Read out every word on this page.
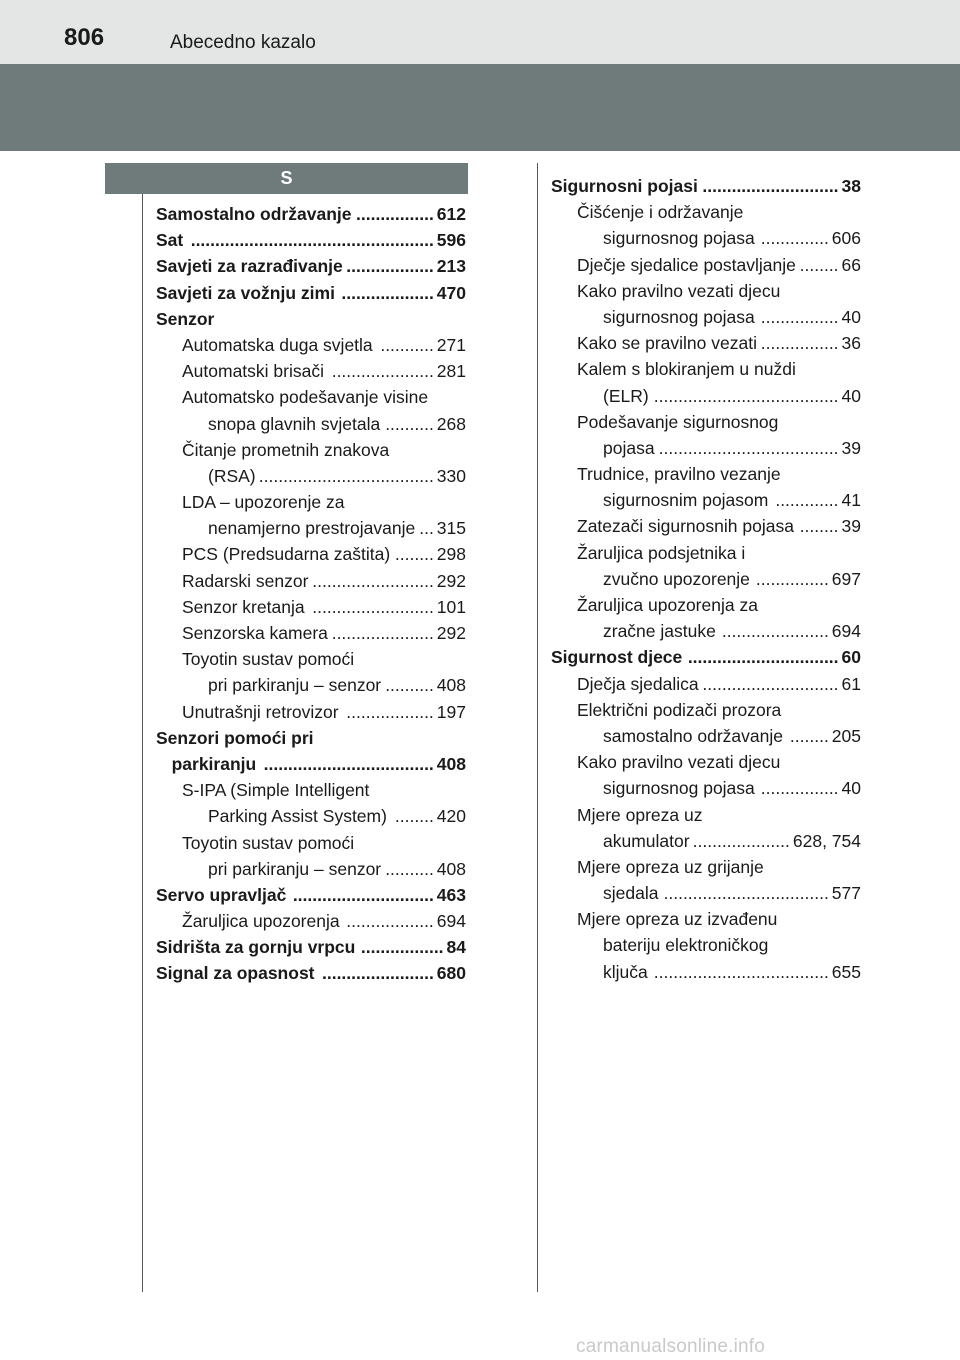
806	Abecedno kazalo
S
Samostalno održavanje	612
................
Sat	596
..................................................
Savjeti za razrađivanje	213
..................
Savjeti za vožnju zimi	470
...................
Senzor
Automatska duga svjetla	271
...........
Automatski brisači	281
.....................
Automatsko podešavanje visine
snopa glavnih svjetala	268
..........
Čitanje prometnih znakova
(RSA)	330
....................................
LDA – upozorenje za
nenamjerno prestrojavanje 315
...
PCS (Predsudarna zaštita)	298
........
Radarski senzor	292
.........................
Senzor kretanja	101
.........................
Senzorska kamera	292
.....................
Toyotin sustav pomoći
pri parkiranju – senzor	408
..........
Unutrašnji retrovizor	197
..................
Senzori pomoći pri
parkiranju	408
...................................
S-IPA (Simple Intelligent
Parking Assist System)	420
........
Toyotin sustav pomoći
pri parkiranju – senzor	408
..........
Servo upravljač	463
.............................
Žaruljica upozorenja	694
..................
Sidrišta za gornju vrpcu	84
.................
Signal za opasnost	680
.......................
Sigurnosni pojasi	38
............................
Čišćenje i održavanje
sigurnosnog pojasa	606
..............
Dječje sjedalice postavljanje	66
........
Kako pravilno vezati djecu
sigurnosnog pojasa	40
................
Kako se pravilno vezati	36
................
Kalem s blokiranjem u nuždi
(ELR)	40
......................................
Podešavanje sigurnosnog
pojasa	39
.....................................
Trudnice, pravilno vezanje
sigurnosnim pojasom	41
.............
Zatezači sigurnosnih pojasa	39
........
Žaruljica podsjetnika i
zvučno upozorenje	697
...............
Žaruljica upozorenja za
zračne jastuke	694
......................
Sigurnost djece	60
...............................
Dječja sjedalica	61
............................
Električni podizači prozora
samostalno održavanje	205
........
Kako pravilno vezati djecu
sigurnosnog pojasa	40
................
Mjere opreza uz
akumulator	628, 754
....................
Mjere opreza uz grijanje
sjedala	577
..................................
Mjere opreza uz izvađenu
bateriju elektroničkog
ključa	655
....................................
carmanualsonline.info
